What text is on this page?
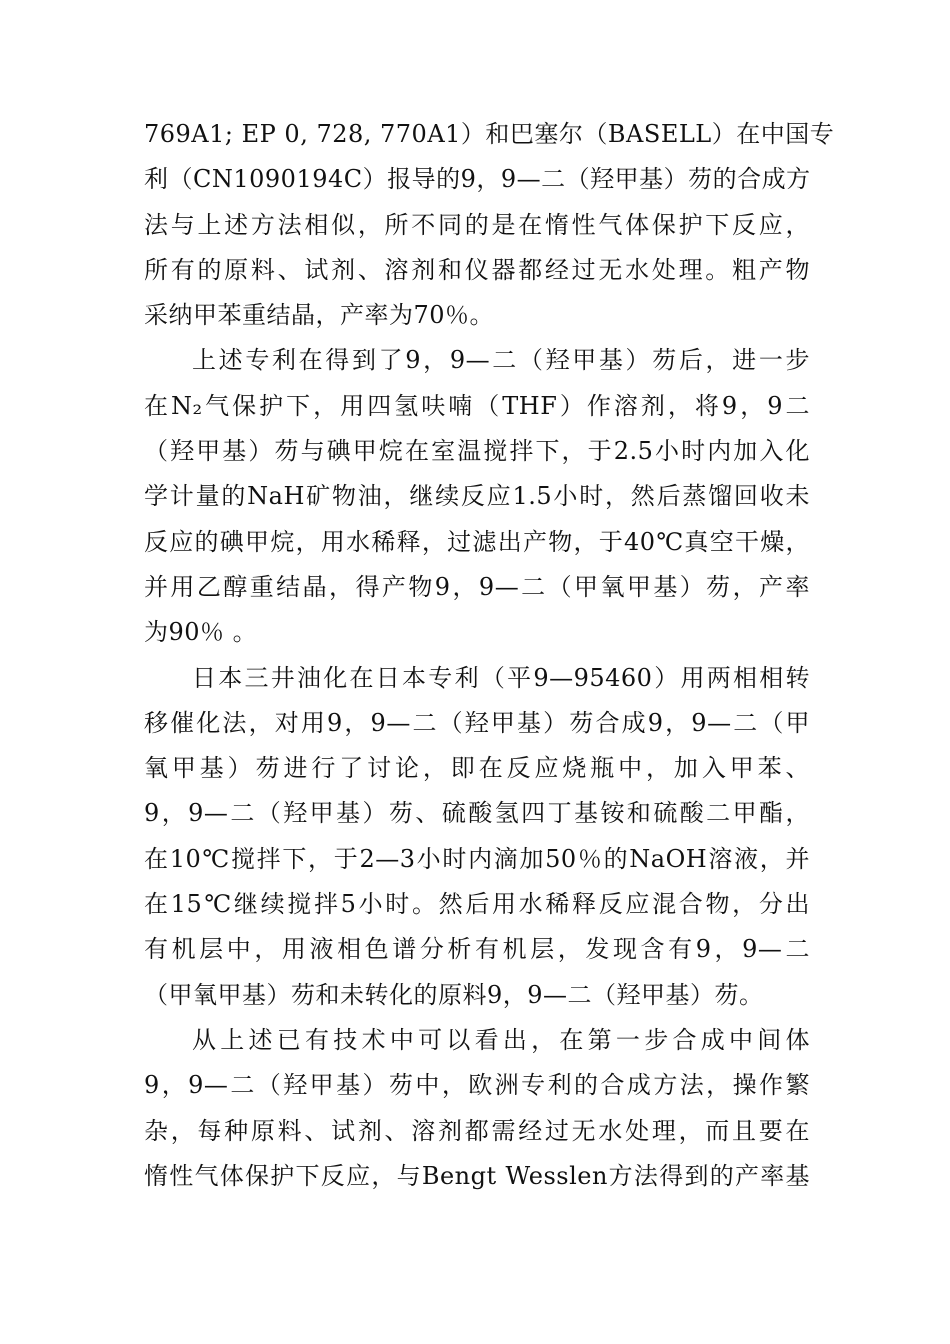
769A1; EP 0, 728, 770A1）和巴塞尔（BASELL）在中国专
利（CN1090194C）报导的9，9—二（羟甲基）芴的合成方
法与上述方法相似，所不同的是在惰性气体保护下反应，
所有的原料、试剂、溶剂和仪器都经过无水处理。粗产物
采纳甲苯重结晶，产率为70％。
上述专利在得到了9，9—二（羟甲基）芴后，进一步
在N₂气保护下，用四氢呋喃（THF）作溶剂，将9，9二
（羟甲基）芴与碘甲烷在室温搅拌下，于2.5小时内加入化
学计量的NaH矿物油，继续反应1.5小时，然后蒸馏回收未
反应的碘甲烷，用水稀释，过滤出产物，于40℃真空干燥，
并用乙醇重结晶，得产物9，9—二（甲氧甲基）芴，产率
为90％ 。
日本三井油化在日本专利（平9—95460）用两相相转
移催化法，对用9，9—二（羟甲基）芴合成9，9—二（甲
氧甲基）芴进行了讨论，即在反应烧瓶中，加入甲苯、
9，9—二（羟甲基）芴、硫酸氢四丁基铵和硫酸二甲酯，
在10℃搅拌下，于2—3小时内滴加50％的NaOH溶液，并
在15℃继续搅拌5小时。然后用水稀释反应混合物，分出
有机层中，用液相色谱分析有机层，发现含有9，9—二
（甲氧甲基）芴和未转化的原料9，9—二（羟甲基）芴。
从上述已有技术中可以看出，在第一步合成中间体
9，9—二（羟甲基）芴中，欧洲专利的合成方法，操作繁
杂，每种原料、试剂、溶剂都需经过无水处理，而且要在
惰性气体保护下反应，与Bengt Wesslen方法得到的产率基
